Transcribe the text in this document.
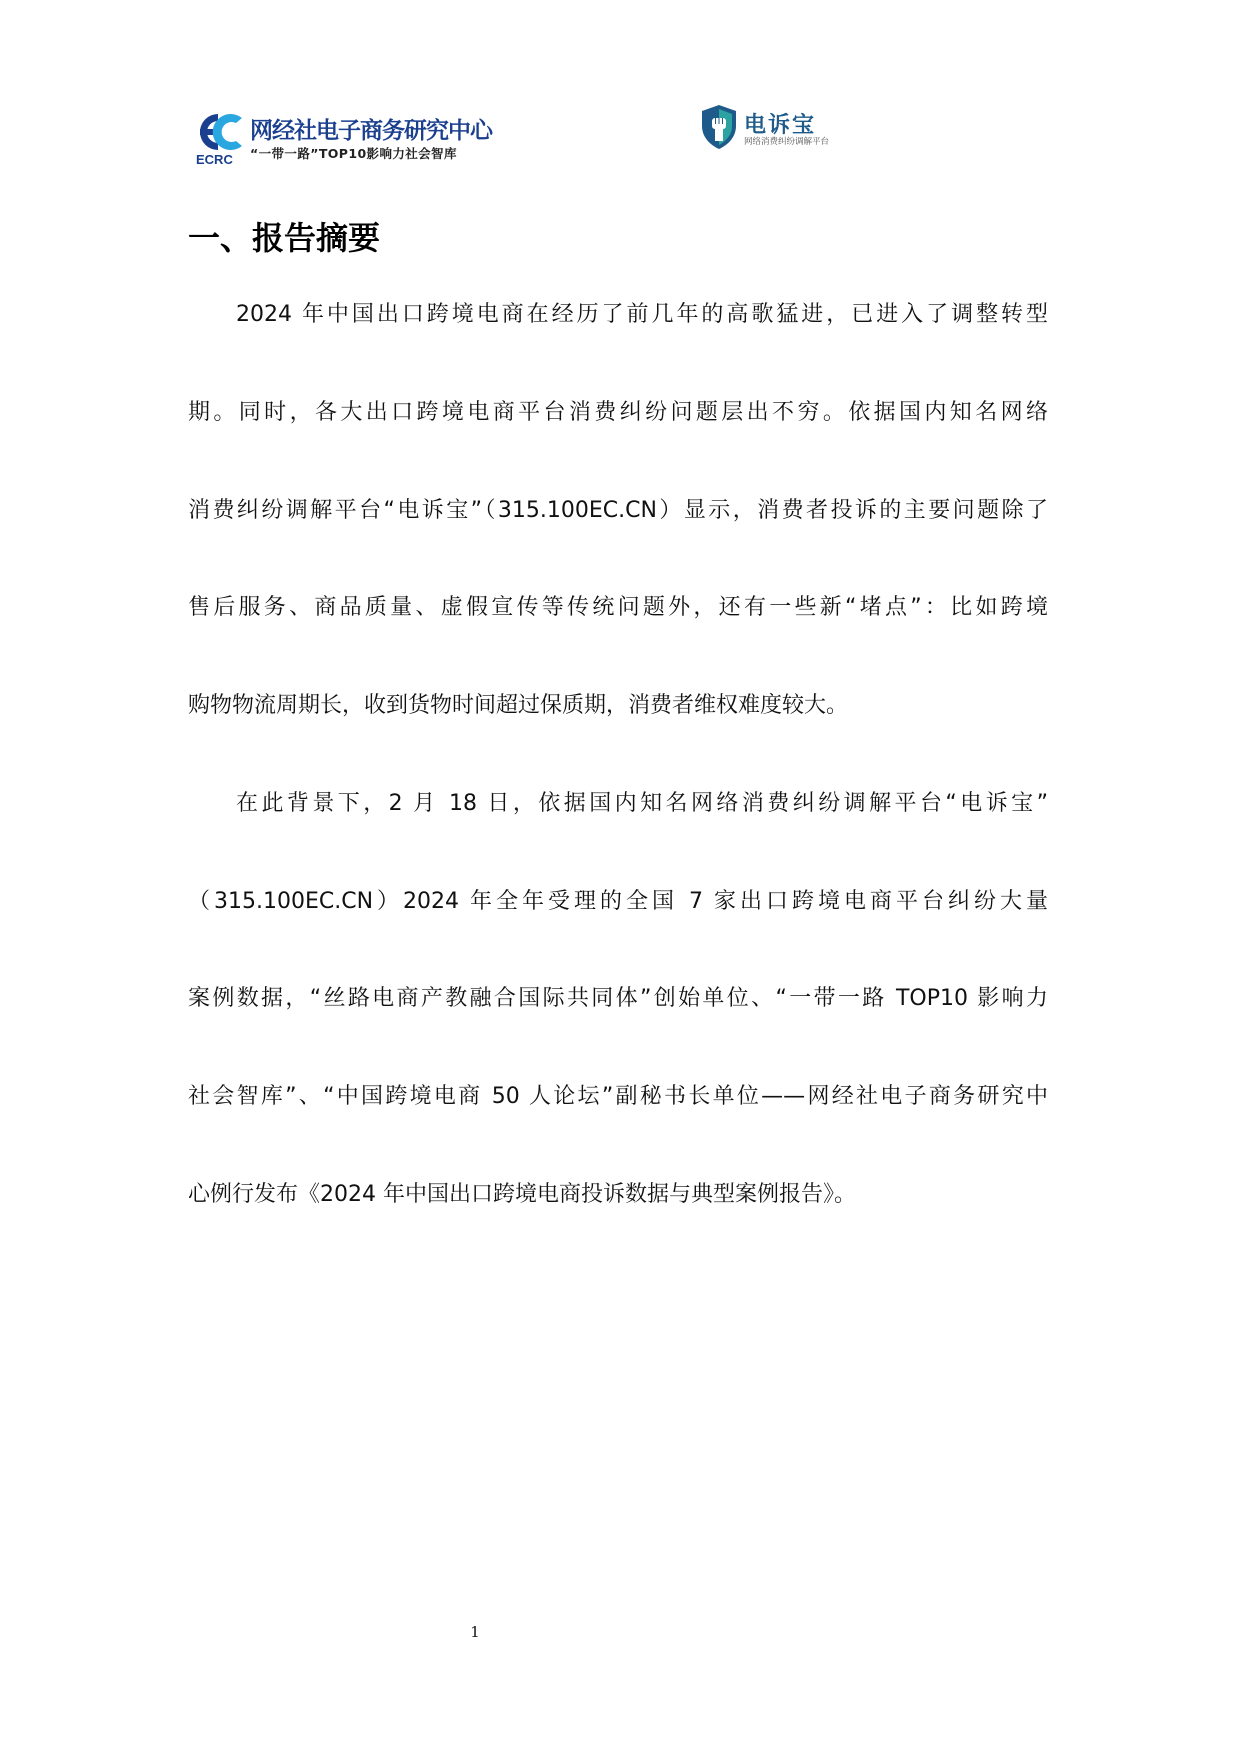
ECRC
网经社电子商务研究中心
“一带一路”TOP10影响力社会智库
电诉宝
网络消费纠纷调解平台
一、报告摘要
2024 年中国出口跨境电商在经历了前几年的高歌猛进，已进入了调整转型
期。同时，各大出口跨境电商平台消费纠纷问题层出不穷。依据国内知名网络
消费纠纷调解平台“电诉宝”（315.100EC.CN）显示，消费者投诉的主要问题除了
售后服务、商品质量、虚假宣传等传统问题外，还有一些新“堵点”：比如跨境
购物物流周期长，收到货物时间超过保质期，消费者维权难度较大。
在此背景下，2 月 18 日，依据国内知名网络消费纠纷调解平台“电诉宝”
（315.100EC.CN）2024 年全年受理的全国 7 家出口跨境电商平台纠纷大量
案例数据，“丝路电商产教融合国际共同体”创始单位、“一带一路 TOP10 影响力
社会智库”、“中国跨境电商 50 人论坛”副秘书长单位——网经社电子商务研究中
心例行发布《2024 年中国出口跨境电商投诉数据与典型案例报告》。
1
